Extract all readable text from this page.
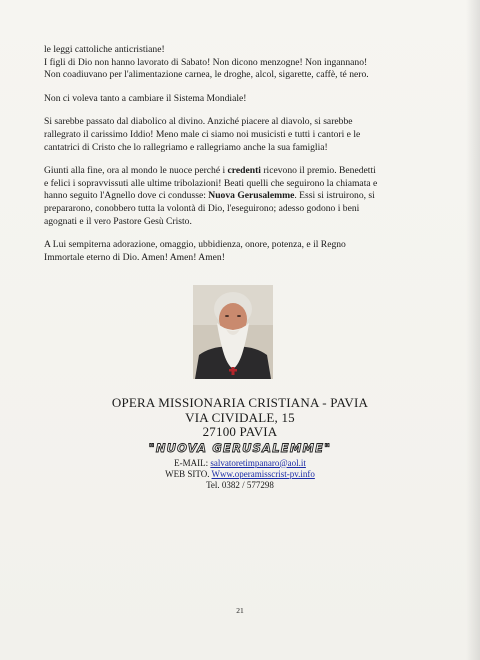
le leggi cattoliche anticristiane!
I figli di Dio non hanno lavorato di Sabato! Non dicono menzogne! Non ingannano!
Non coadiuvano per l'alimentazione carnea, le droghe, alcol, sigarette, caffè, té nero.

Non ci voleva tanto a cambiare il Sistema Mondiale!

Si sarebbe passato dal diabolico al divino. Anziché piacere al diavolo, si sarebbe
rallegrato il carissimo Iddio! Meno male ci siamo noi musicisti e tutti i cantori e le
cantatrici di Cristo che lo rallegriamo e rallegriamo anche la sua famiglia!

Giunti alla fine, ora al mondo le nuoce perché i credenti ricevono il premio. Benedetti
e felici i sopravvissuti alle ultime tribolazioni! Beati quelli che seguirono la chiamata e
hanno seguito l'Agnello dove ci condusse: Nuova Gerusalemme. Essi si istruirono, si
prepararono, conobbero tutta la volontà di Dio, l'eseguirono; adesso godono i beni
agognati e il vero Pastore Gesù Cristo.

A Lui sempiterna adorazione, omaggio, ubbidienza, onore, potenza, e il Regno
Immortale eterno di Dio. Amen! Amen! Amen!

OPERA MISSIONARIA CRISTIANA - PAVIA
VIA CIVIDALE, 15
27100 PAVIA
"NUOVA GERUSALEMME"
E-MAIL: salvatoretimpanaro@aol.it
WEB SITO. Www.operamisscrist-pv.info
Tel. 0382 / 577298
21
